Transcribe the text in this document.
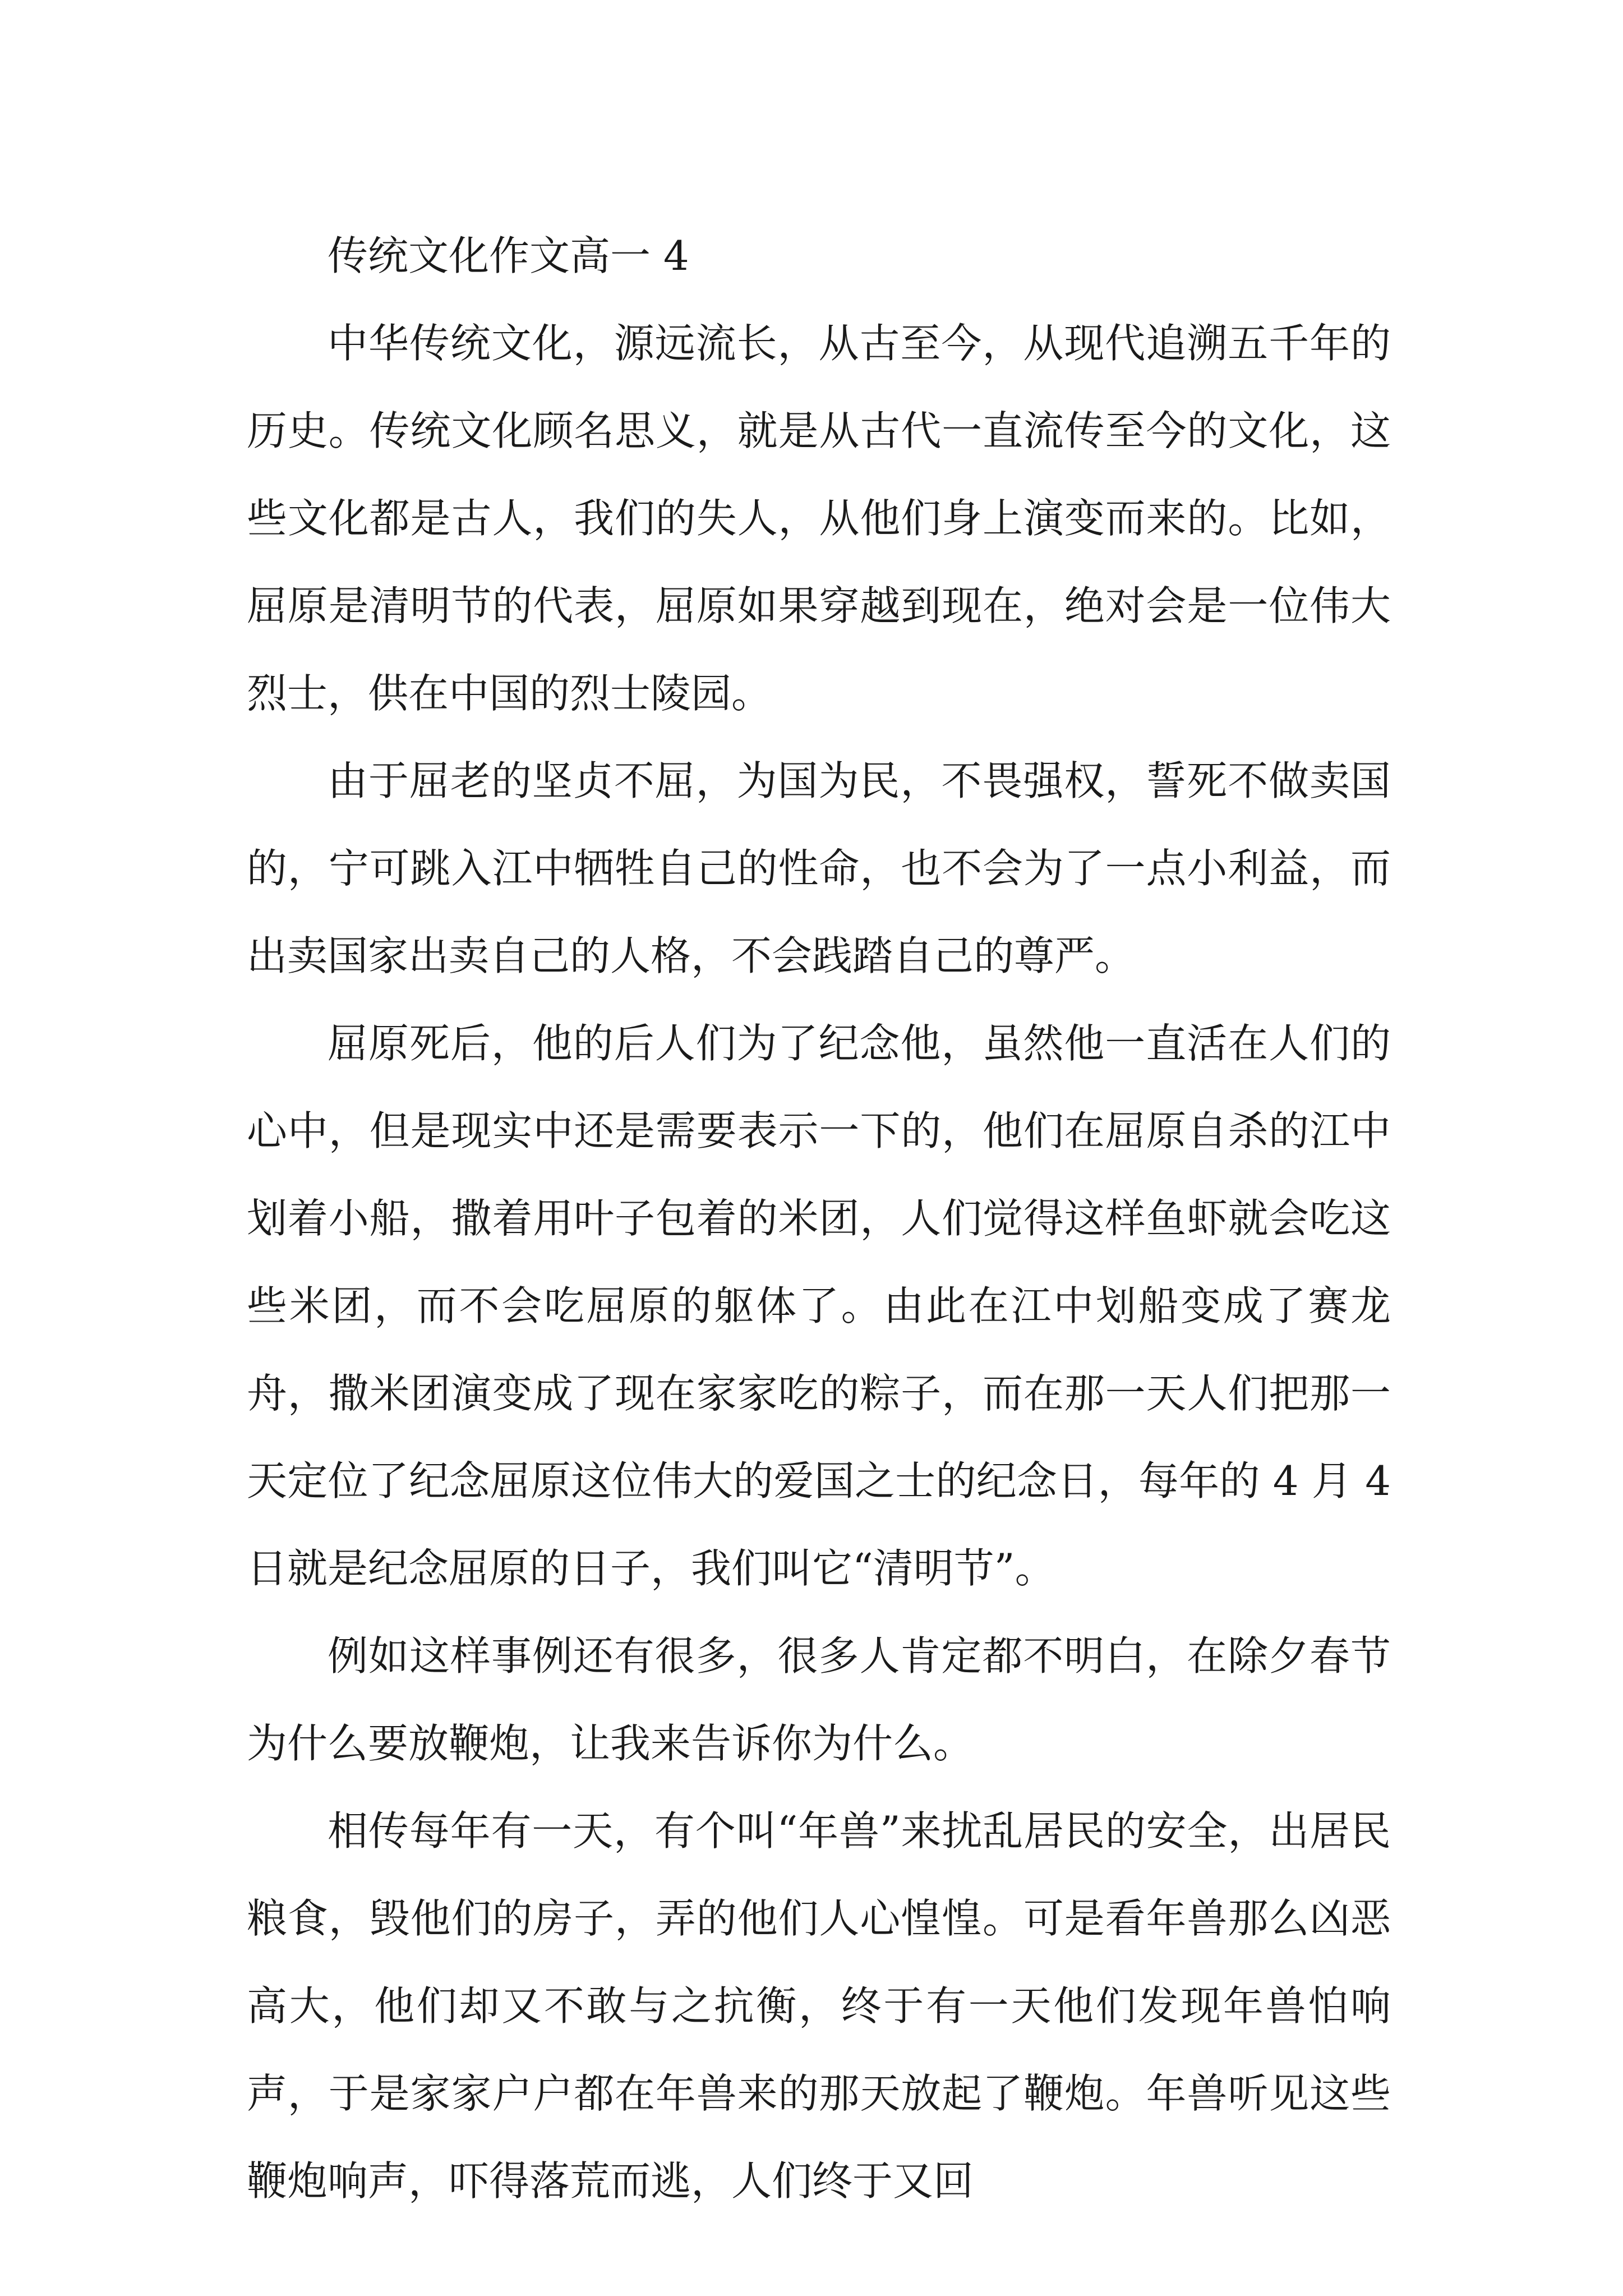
传统文化作文高一 4

中华传统文化，源远流长，从古至今，从现代追溯五千年的历史。传统文化顾名思义，就是从古代一直流传至今的文化，这些文化都是古人，我们的失人，从他们身上演变而来的。比如，屈原是清明节的代表，屈原如果穿越到现在，绝对会是一位伟大烈士，供在中国的烈士陵园。

由于屈老的坚贞不屈，为国为民，不畏强权，誓死不做卖国的，宁可跳入江中牺牲自己的性命，也不会为了一点小利益，而出卖国家出卖自己的人格，不会践踏自己的尊严。

屈原死后，他的后人们为了纪念他，虽然他一直活在人们的心中，但是现实中还是需要表示一下的，他们在屈原自杀的江中划着小船，撒着用叶子包着的米团，人们觉得这样鱼虾就会吃这些米团，而不会吃屈原的躯体了。由此在江中划船变成了赛龙舟，撒米团演变成了现在家家吃的粽子，而在那一天人们把那一天定位了纪念屈原这位伟大的爱国之士的纪念日，每年的 4 月 4 日就是纪念屈原的日子，我们叫它“清明节”。

例如这样事例还有很多，很多人肯定都不明白，在除夕春节为什么要放鞭炮，让我来告诉你为什么。

相传每年有一天，有个叫“年兽”来扰乱居民的安全，出居民粮食，毁他们的房子，弄的他们人心惶惶。可是看年兽那么凶恶高大，他们却又不敢与之抗衡，终于有一天他们发现年兽怕响声，于是家家户户都在年兽来的那天放起了鞭炮。年兽听见这些鞭炮响声，吓得落荒而逃，人们终于又回
